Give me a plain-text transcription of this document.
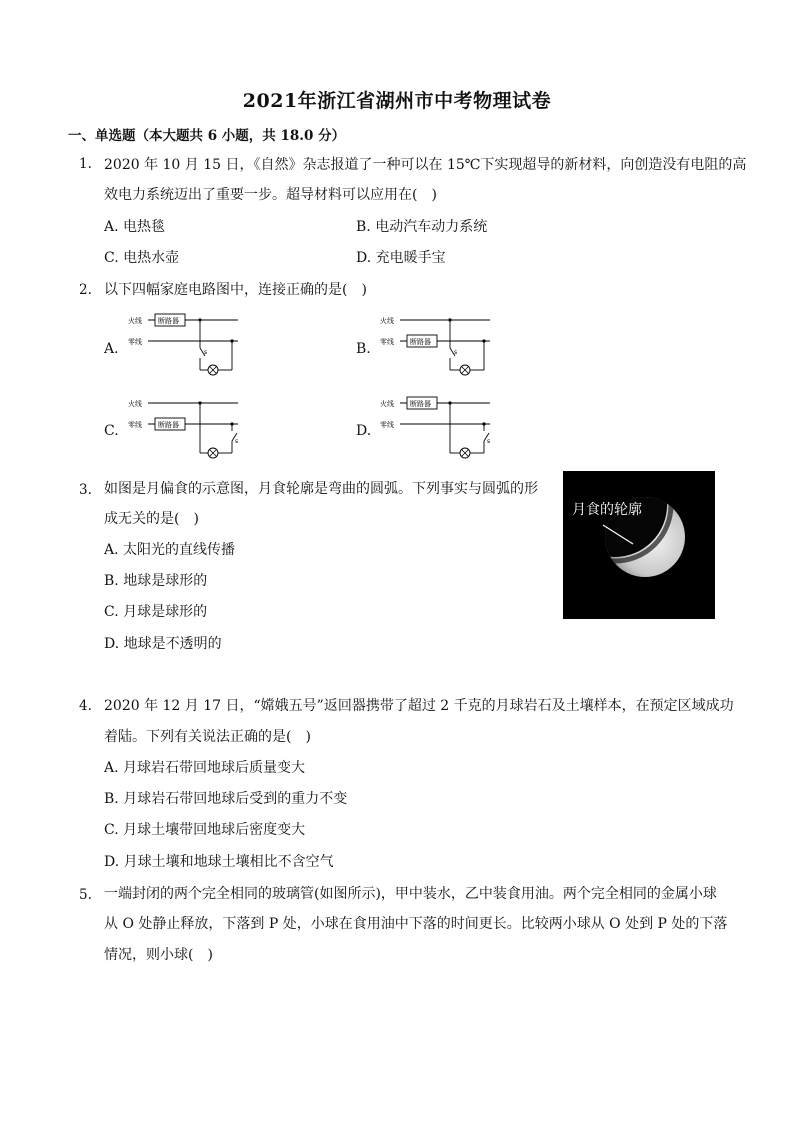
2021年浙江省湖州市中考物理试卷
一、单选题（本大题共 6 小题，共 18.0 分）
1. 2020 年 10 月 15 日，《自然》杂志报道了一种可以在 15℃下实现超导的新材料，向创造没有电阻的高
效电力系统迈出了重要一步。超导材料可以应用在(　)
A. 电热毯	B. 电动汽车动力系统
C. 电热水壶	D. 充电暖手宝
2. 以下四幅家庭电路图中，连接正确的是(　)
A.	B.
C.	D.
火线
零线
断路器
s
火线
零线 断路器
s
火线
零线 断路器
s
火线
零线
断路器
s
3. 如图是月偏食的示意图，月食轮廓是弯曲的圆弧。下列事实与圆弧的形
成无关的是(　)
A. 太阳光的直线传播
B. 地球是球形的
C. 月球是球形的
D. 地球是不透明的
月食的轮廓
4. 2020 年 12 月 17 日，“嫦娥五号”返回器携带了超过 2 千克的月球岩石及土壤样本，在预定区域成功
着陆。下列有关说法正确的是(　)
A. 月球岩石带回地球后质量变大
B. 月球岩石带回地球后受到的重力不变
C. 月球土壤带回地球后密度变大
D. 月球土壤和地球土壤相比不含空气
5. 一端封闭的两个完全相同的玻璃管(如图所示)，甲中装水，乙中装食用油。两个完全相同的金属小球
从 O 处静止释放，下落到 P 处，小球在食用油中下落的时间更长。比较两小球从 O 处到 P 处的下落
情况，则小球(　)
